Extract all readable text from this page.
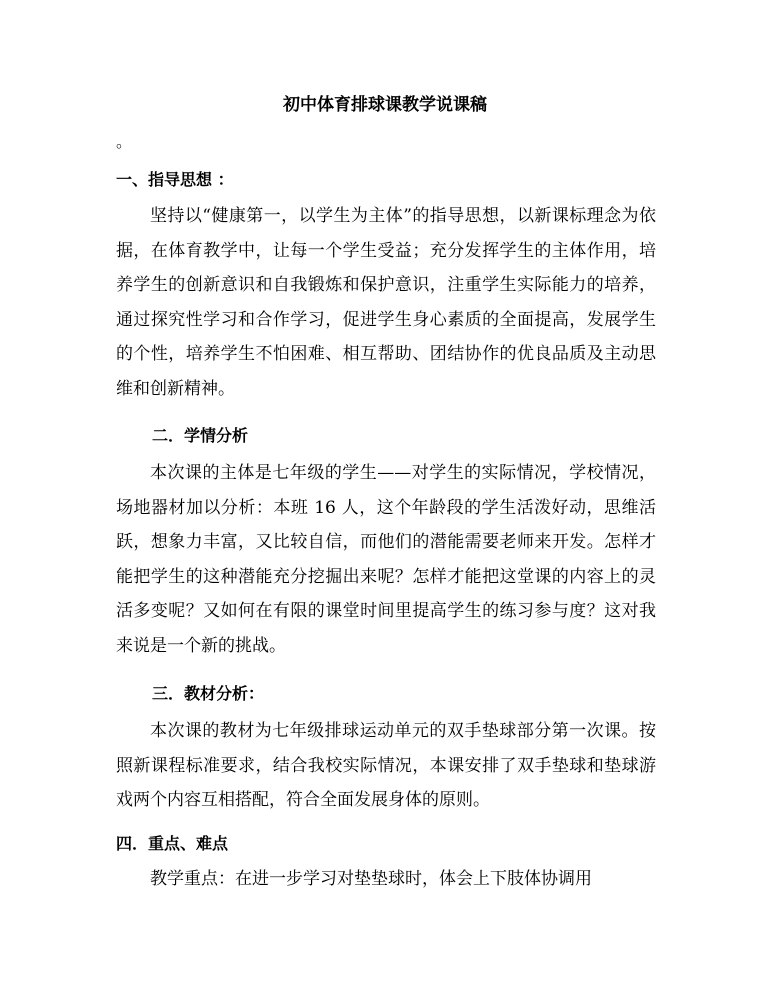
初中体育排球课教学说课稿
。
一、指导思想 ：
坚持以“健康第一，以学生为主体”的指导思想，以新课标理念为依据，在体育教学中，让每一个学生受益；充分发挥学生的主体作用，培养学生的创新意识和自我锻炼和保护意识，注重学生实际能力的培养，通过探究性学习和合作学习，促进学生身心素质的全面提高，发展学生的个性，培养学生不怕困难、相互帮助、团结协作的优良品质及主动思维和创新精神。
二．学情分析
本次课的主体是七年级的学生——对学生的实际情况，学校情况，场地器材加以分析：本班 16 人，这个年龄段的学生活泼好动，思维活跃，想象力丰富，又比较自信，而他们的潜能需要老师来开发。怎样才能把学生的这种潜能充分挖掘出来呢？怎样才能把这堂课的内容上的灵活多变呢？又如何在有限的课堂时间里提高学生的练习参与度？这对我来说是一个新的挑战。
三．教材分析：
本次课的教材为七年级排球运动单元的双手垫球部分第一次课。按照新课程标准要求，结合我校实际情况，本课安排了双手垫球和垫球游戏两个内容互相搭配，符合全面发展身体的原则。
四．重点、难点
教学重点：在进一步学习对垫垫球时，体会上下肢体协调用
